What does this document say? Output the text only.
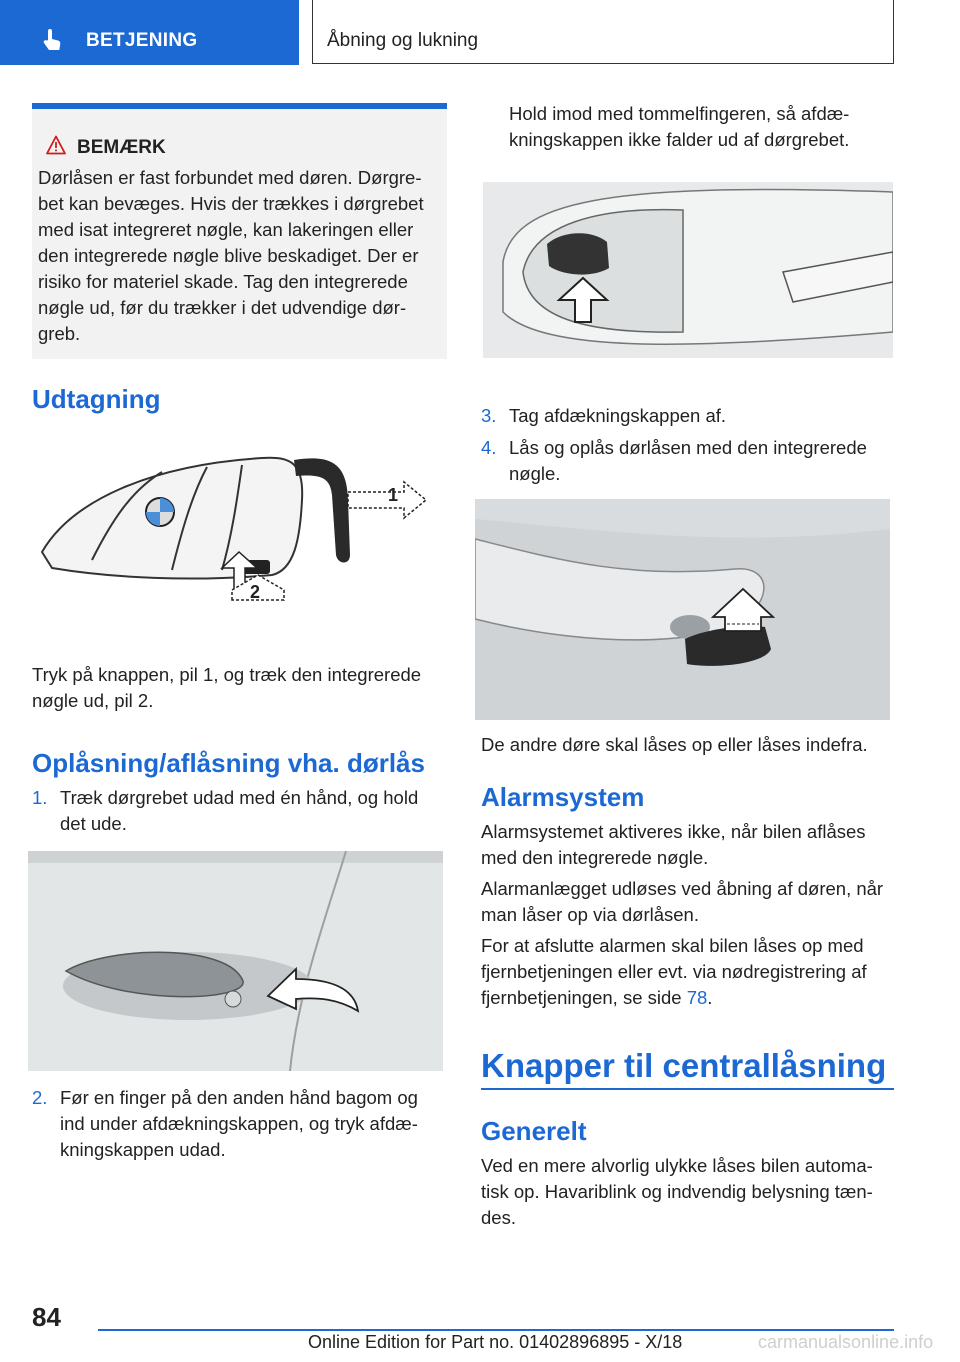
BETJENING	Åbning og lukning
BEMÆRK
Dørlåsen er fast forbundet med døren. Dørgre-bet kan bevæges. Hvis der trækkes i dørgrebet med isat integreret nøgle, kan lakeringen eller den integrerede nøgle blive beskadiget. Der er risiko for materiel skade. Tag den integrerede nøgle ud, før du trækker i det udvendige dør-greb.
Udtagning
1
2
Tryk på knappen, pil 1, og træk den integrerede nøgle ud, pil 2.
Oplåsning/aflåsning vha. dørlås
1. Træk dørgrebet udad med én hånd, og hold det ude.
2. Før en finger på den anden hånd bagom og ind under afdækningskappen, og tryk afdæ-kningskappen udad.
Hold imod med tommelfingeren, så afdæ-kningskappen ikke falder ud af dørgrebet.
3. Tag afdækningskappen af.
4. Lås og oplås dørlåsen med den integrerede nøgle.
De andre døre skal låses op eller låses indefra.
Alarmsystem
Alarmsystemet aktiveres ikke, når bilen aflåses med den integrerede nøgle.
Alarmanlægget udløses ved åbning af døren, når man låser op via dørlåsen.
For at afslutte alarmen skal bilen låses op med fjernbetjeningen eller evt. via nødregistrering af fjernbetjeningen, se side 78.
Knapper til centrallåsning
Generelt
Ved en mere alvorlig ulykke låses bilen automa-tisk op. Havariblink og indvendig belysning tæn-des.
84
Online Edition for Part no. 01402896895 - X/18	carmanualsonline.info
